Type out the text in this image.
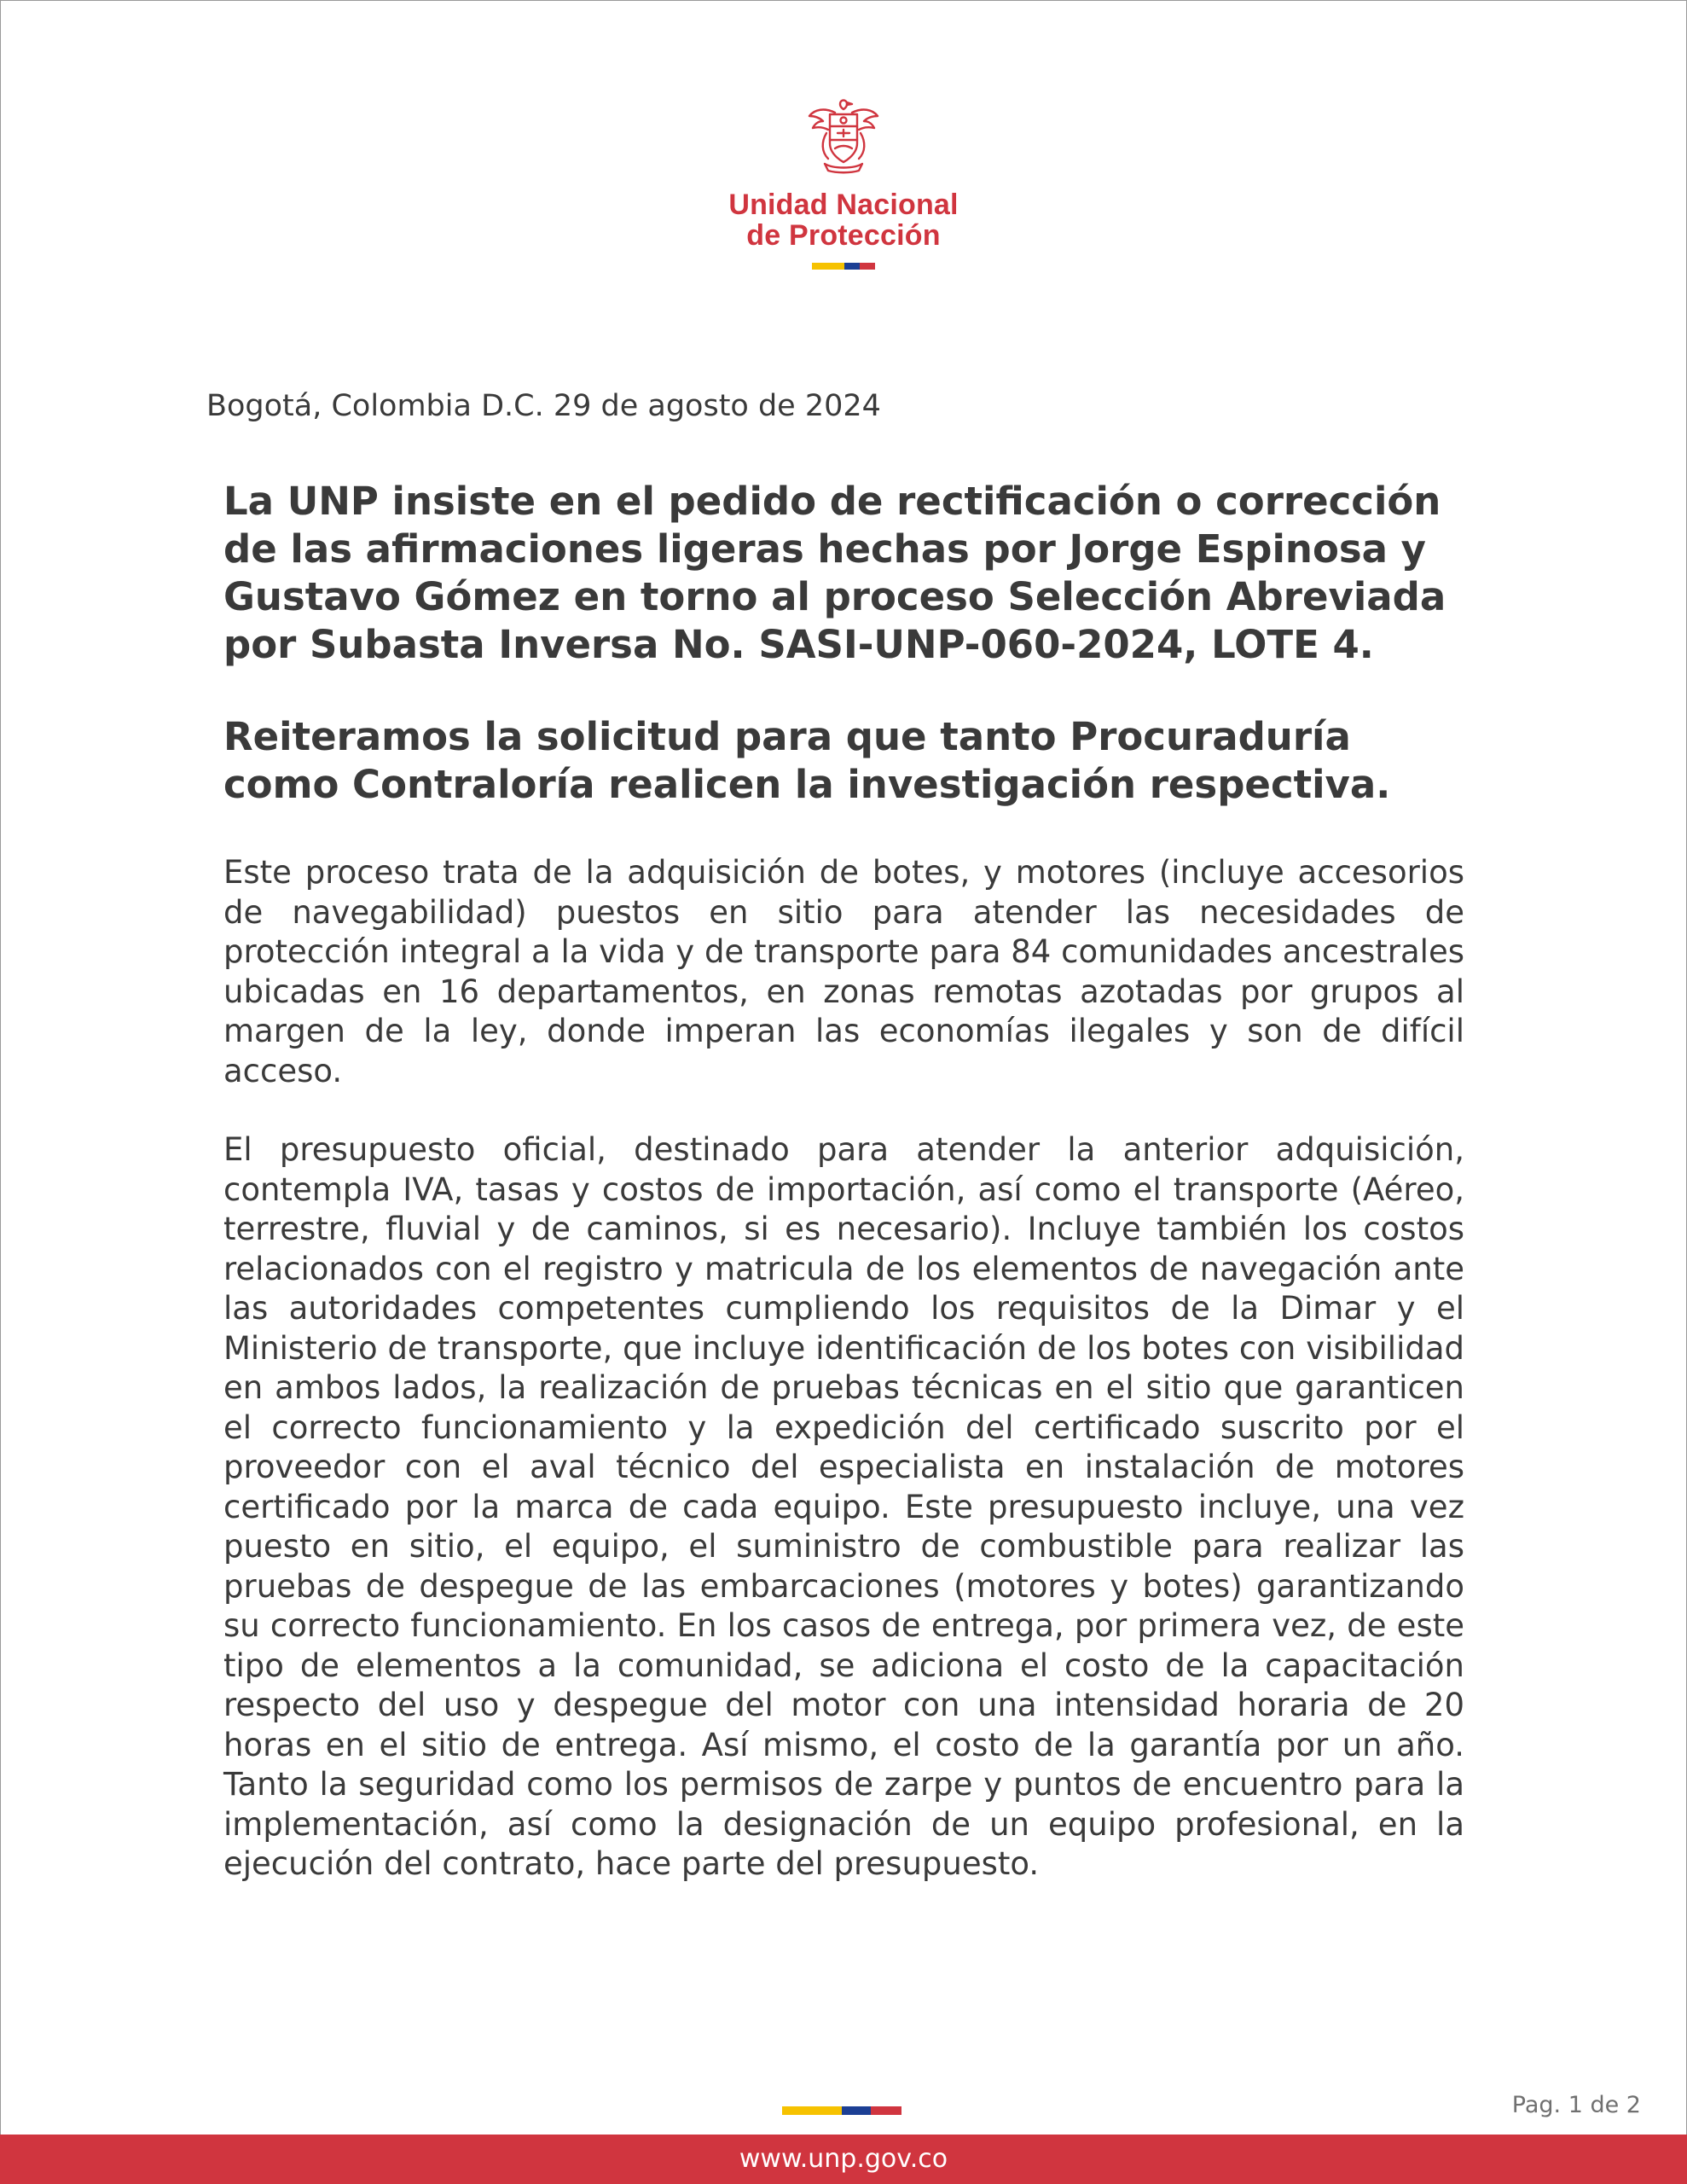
Unidad Nacional
de Protección
Bogotá, Colombia D.C. 29 de agosto de 2024

La UNP insiste en el pedido de rectificación o corrección de las afirmaciones ligeras hechas por Jorge Espinosa y Gustavo Gómez en torno al proceso Selección Abreviada por Subasta Inversa No. SASI-UNP-060-2024, LOTE 4.

Reiteramos la solicitud para que tanto Procuraduría como Contraloría realicen la investigación respectiva.

Este proceso trata de la adquisición de botes, y motores (incluye accesorios de navegabilidad) puestos en sitio para atender las necesidades de protección integral a la vida y de transporte para 84 comunidades ancestrales ubicadas en 16 departamentos, en zonas remotas azotadas por grupos al margen de la ley, donde imperan las economías ilegales y son de difícil acceso.

El presupuesto oficial, destinado para atender la anterior adquisición, contempla IVA, tasas y costos de importación, así como el transporte (Aéreo, terrestre, fluvial y de caminos, si es necesario). Incluye también los costos relacionados con el registro y matricula de los elementos de navegación ante las autoridades competentes cumpliendo los requisitos de la Dimar y el Ministerio de transporte, que incluye identificación de los botes con visibilidad en ambos lados, la realización de pruebas técnicas en el sitio que garanticen el correcto funcionamiento y la expedición del certificado suscrito por el proveedor con el aval técnico del especialista en instalación de motores certificado por la marca de cada equipo. Este presupuesto incluye, una vez puesto en sitio, el equipo, el suministro de combustible para realizar las pruebas de despegue de las embarcaciones (motores y botes) garantizando su correcto funcionamiento. En los casos de entrega, por primera vez, de este tipo de elementos a la comunidad, se adiciona el costo de la capacitación respecto del uso y despegue del motor con una intensidad horaria de 20 horas en el sitio de entrega. Así mismo, el costo de la garantía por un año. Tanto la seguridad como los permisos de zarpe y puntos de encuentro para la implementación, así como la designación de un equipo profesional, en la ejecución del contrato, hace parte del presupuesto.

Pag. 1 de 2
www.unp.gov.co
